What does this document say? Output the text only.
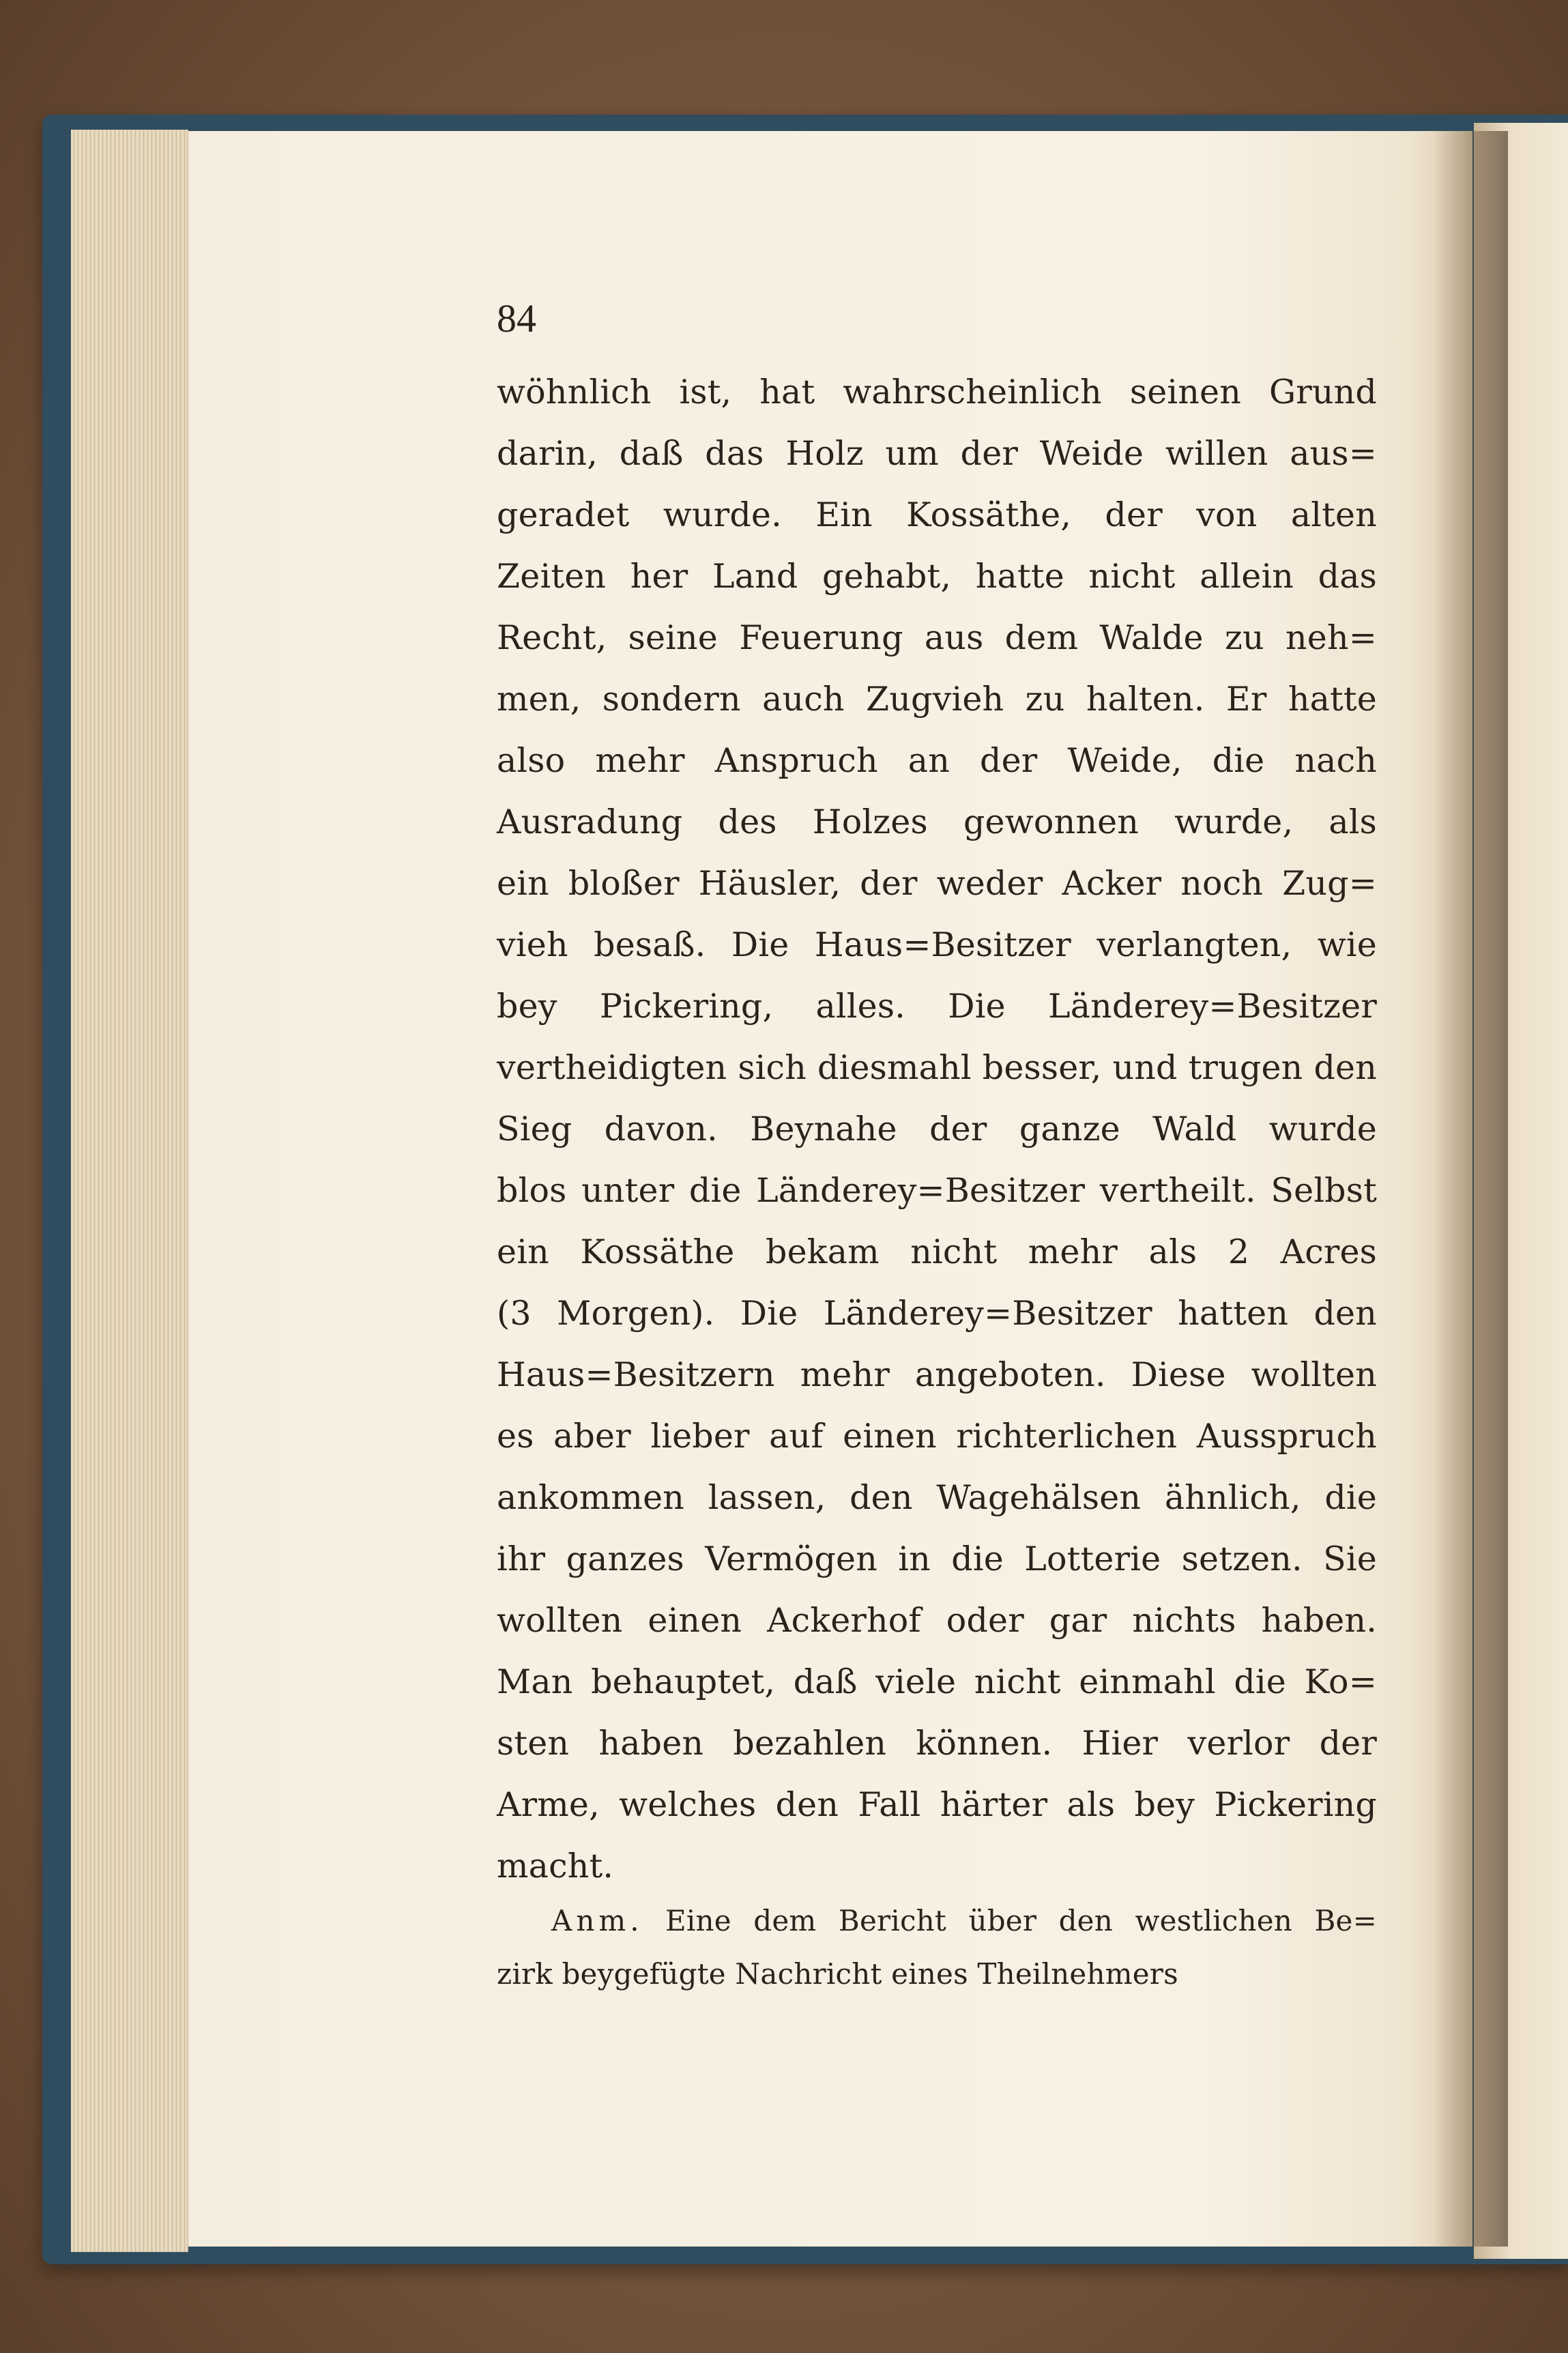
84
wöhnlich ist, hat wahrscheinlich seinen Grund
darin, daß das Holz um der Weide willen aus=
geradet wurde. Ein Kossäthe, der von alten
Zeiten her Land gehabt, hatte nicht allein das
Recht, seine Feuerung aus dem Walde zu neh=
men, sondern auch Zugvieh zu halten. Er hatte
also mehr Anspruch an der Weide, die nach
Ausradung des Holzes gewonnen wurde, als
ein bloßer Häusler, der weder Acker noch Zug=
vieh besaß. Die Haus=Besitzer verlangten, wie
bey Pickering, alles. Die Länderey=Besitzer
vertheidigten sich diesmahl besser, und trugen den
Sieg davon. Beynahe der ganze Wald wurde
blos unter die Länderey=Besitzer vertheilt. Selbst
ein Kossäthe bekam nicht mehr als 2 Acres
(3 Morgen). Die Länderey=Besitzer hatten den
Haus=Besitzern mehr angeboten. Diese wollten
es aber lieber auf einen richterlichen Ausspruch
ankommen lassen, den Wagehälsen ähnlich, die
ihr ganzes Vermögen in die Lotterie setzen. Sie
wollten einen Ackerhof oder gar nichts haben.
Man behauptet, daß viele nicht einmahl die Ko=
sten haben bezahlen können. Hier verlor der
Arme, welches den Fall härter als bey Pickering
macht.
Anm. Eine dem Bericht über den westlichen Be=
zirk beygefügte Nachricht eines Theilnehmers
